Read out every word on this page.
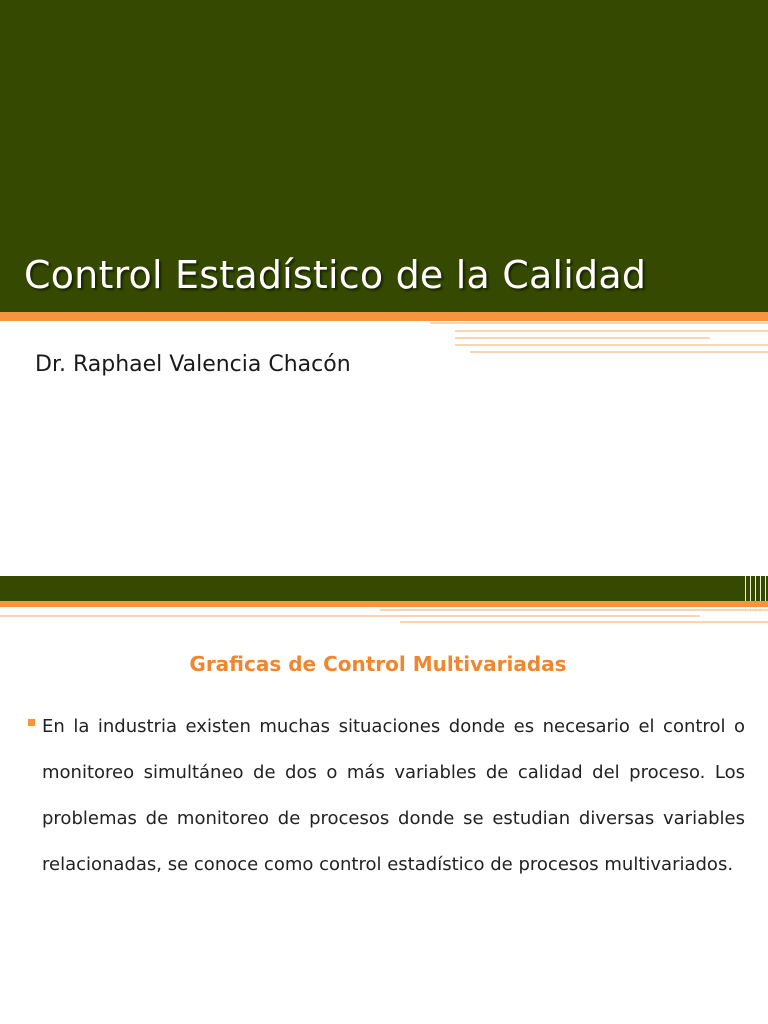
Control Estadístico de la Calidad

Dr. Raphael Valencia Chacón

Graficas de Control Multivariadas

En la industria existen muchas situaciones donde es necesario el control o monitoreo simultáneo de dos o más variables de calidad del proceso. Los problemas de monitoreo de procesos donde se estudian diversas variables relacionadas, se conoce como control estadístico de procesos multivariados.
